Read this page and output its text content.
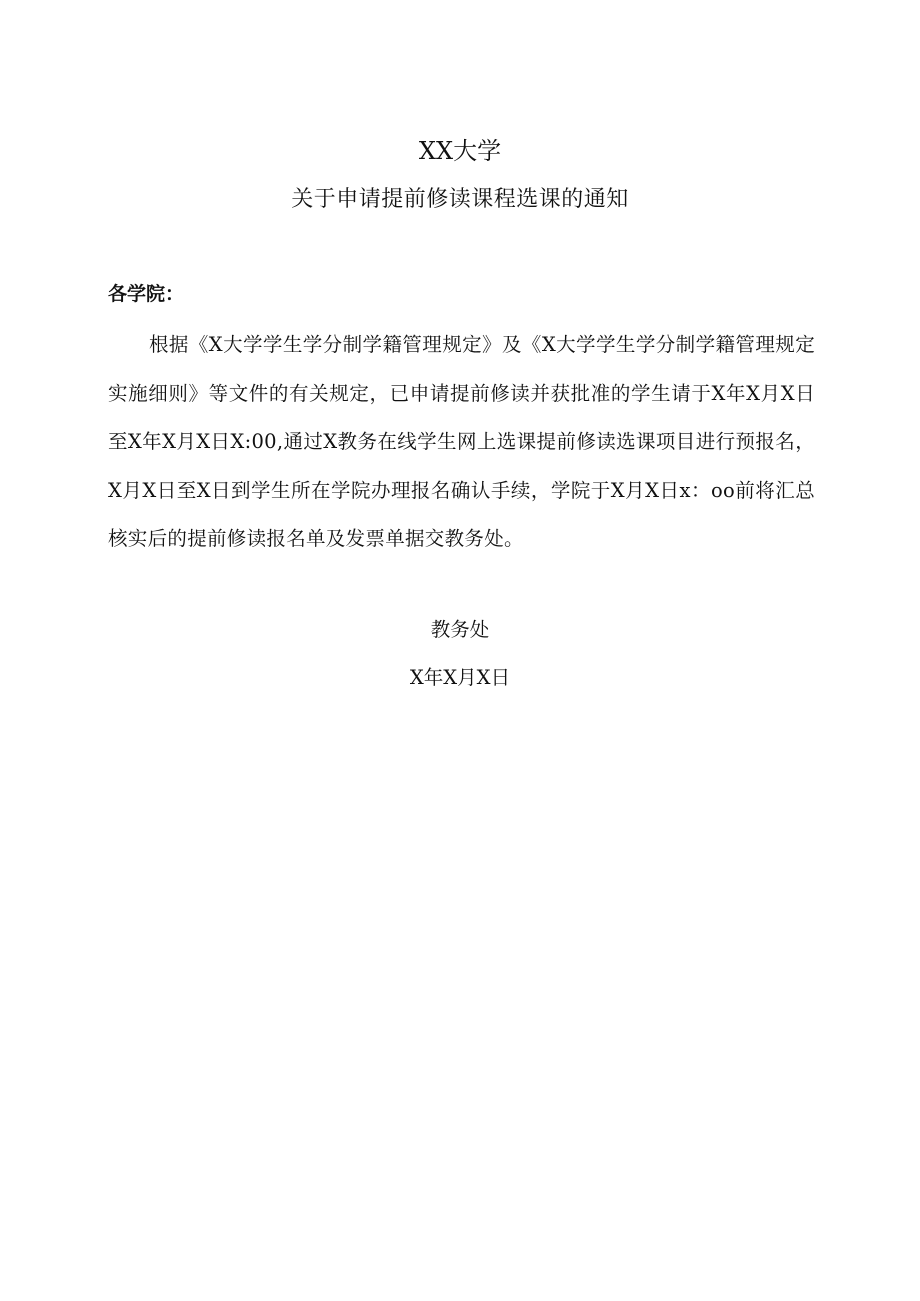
XX大学
关于申请提前修读课程选课的通知
各学院：
根据《X大学学生学分制学籍管理规定》及《X大学学生学分制学籍管理规定实施细则》等文件的有关规定，已申请提前修读并获批准的学生请于X年X月X日至X年X月X日X:00,通过X教务在线学生网上选课提前修读选课项目进行预报名，X月X日至X日到学生所在学院办理报名确认手续，学院于X月X日x：oo前将汇总核实后的提前修读报名单及发票单据交教务处。
教务处
X年X月X日
